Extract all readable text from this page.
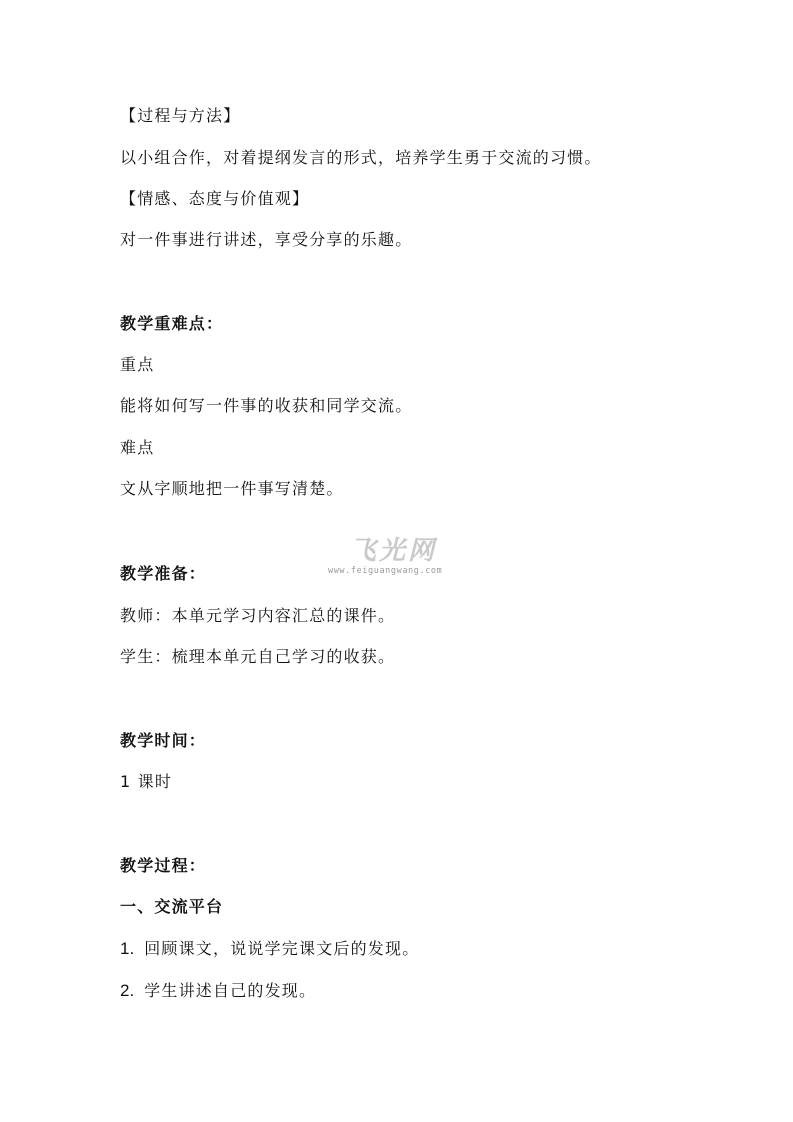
【过程与方法】
以小组合作，对着提纲发言的形式，培养学生勇于交流的习惯。
【情感、态度与价值观】
对一件事进行讲述，享受分享的乐趣。
教学重难点：
重点
能将如何写一件事的收获和同学交流。
难点
文从字顺地把一件事写清楚。
教学准备：
教师：本单元学习内容汇总的课件。
学生：梳理本单元自己学习的收获。
教学时间：
1 课时
教学过程：
一、交流平台
1. 回顾课文，说说学完课文后的发现。
2. 学生讲述自己的发现。
飞光网
www.feiguangwang.com
